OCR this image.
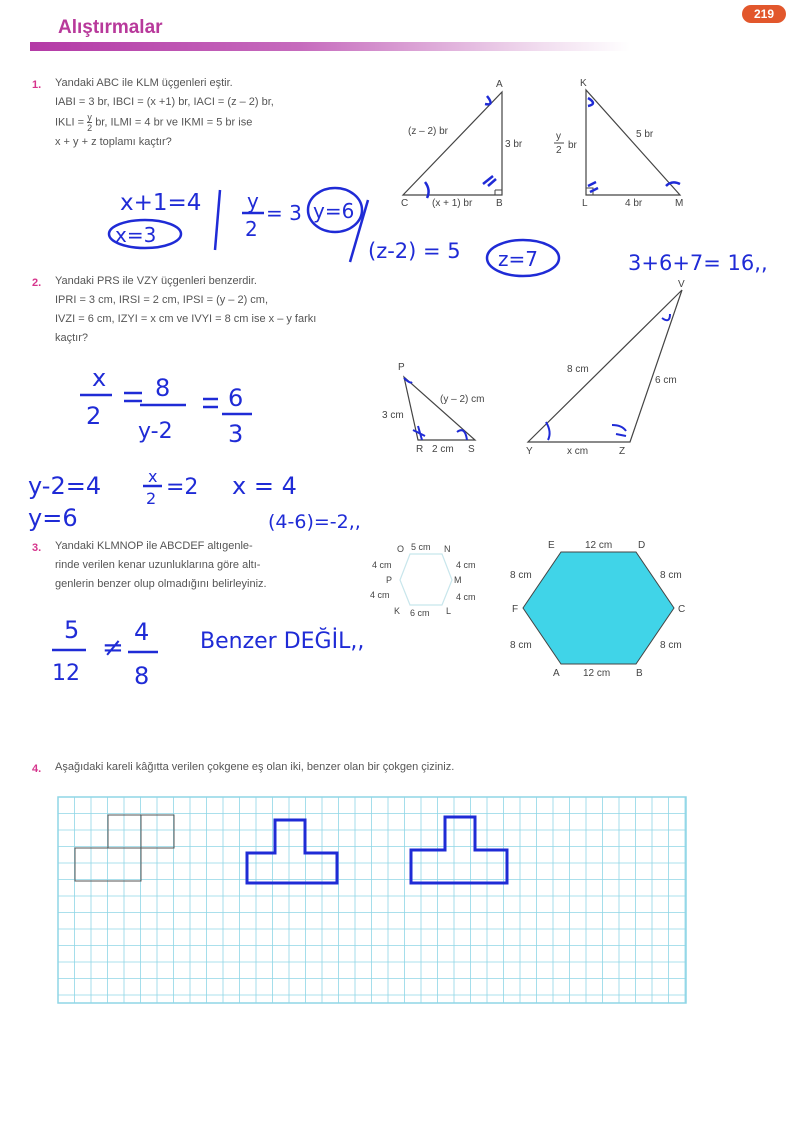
Alıştırmalar
219
1. Yandaki ABC ile KLM üçgenleri eştir.
IABI = 3 br, IBCI = (x +1) br, IACI = (z – 2) br,
IKLI = $\frac{y}{2}$ br, ILMI = 4 br ve IKMI = 5 br ise
x + y + z toplamı kaçtır?
A
B
C
(z – 2) br
3 br
(x + 1) br
K
L	M
y
2 br
5 br
4 br
x+1=4
x=3
y
2
= 3 y=6
(z-2) = 5 z=7	3+6+7= 16,,
P
R	S
3 cm
2 cm
(y – 2) cm
V
Y	Z
8 cm
6 cm
x cm
x
2
8
y-2
6
3
y-2=4	x
2 =2 x = 4
y=6	(4-6)=-2,,
O 5 cm N
4 cm	4 cm
P	M
4 cm	4 cm
K 6 cm L
E	12 cm	D
8 cm	8 cm
F	C
8 cm	8 cm
A 12 cm	B
5
12
≠
4
8
Benzer DEĞİL,,
2. Yandaki PRS ile VZY üçgenleri benzerdir.
IPRI = 3 cm, IRSI = 2 cm, IPSI = (y – 2) cm,
IVZI = 6 cm, IZYI = x cm ve IVYI = 8 cm ise x – y farkı
kaçtır?
3. Yandaki KLMNOP ile ABCDEF altıgenle-
rinde verilen kenar uzunluklarına göre altı-
genlerin benzer olup olmadığını belirleyiniz.
4. Aşağıdaki kareli kâğıtta verilen çokgene eş olan iki, benzer olan bir çokgen çiziniz.
